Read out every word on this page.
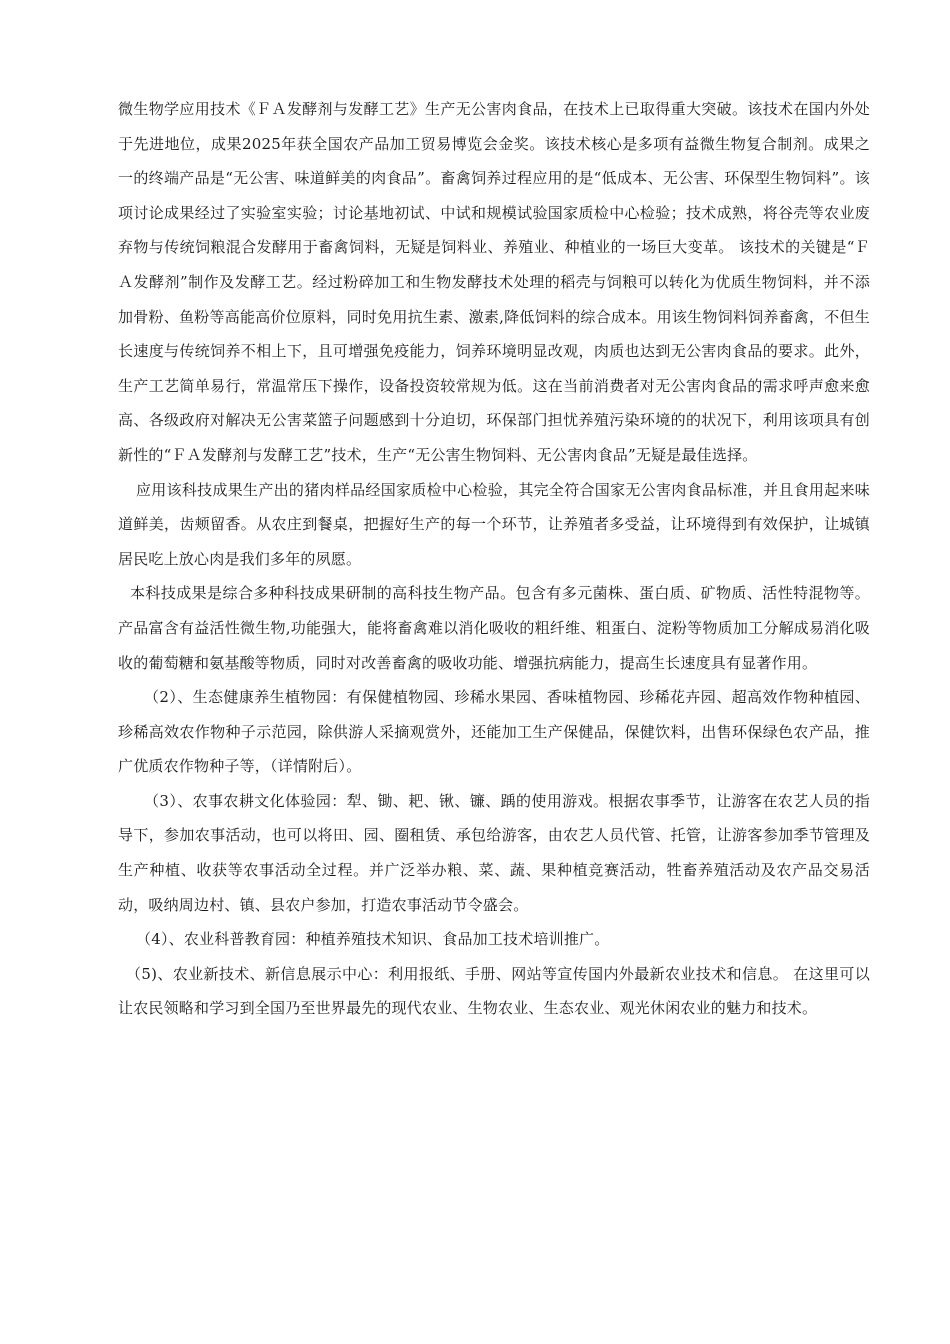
微生物学应用技术《ＦＡ发酵剂与发酵工艺》生产无公害肉食品，在技术上已取得重大突破。该技术在国内外处于先进地位，成果2025年获全国农产品加工贸易博览会金奖。该技术核心是多项有益微生物复合制剂。成果之一的终端产品是“无公害、味道鲜美的肉食品”。畜禽饲养过程应用的是“低成本、无公害、环保型生物饲料”。该项讨论成果经过了实验室实验；讨论基地初试、中试和规模试验国家质检中心检验；技术成熟，将谷壳等农业废弃物与传统饲粮混合发酵用于畜禽饲料，无疑是饲料业、养殖业、种植业的一场巨大变革。 该技术的关键是“ＦＡ发酵剂”制作及发酵工艺。经过粉碎加工和生物发酵技术处理的稻壳与饲粮可以转化为优质生物饲料，并不添加骨粉、鱼粉等高能高价位原料，同时免用抗生素、激素,降低饲料的综合成本。用该生物饲料饲养畜禽，不但生长速度与传统饲养不相上下，且可增强免疫能力，饲养环境明显改观，肉质也达到无公害肉食品的要求。此外，生产工艺简单易行，常温常压下操作，设备投资较常规为低。这在当前消费者对无公害肉食品的需求呼声愈来愈高、各级政府对解决无公害菜篮子问题感到十分迫切，环保部门担忧养殖污染环境的的状况下，利用该项具有创新性的“ＦＡ发酵剂与发酵工艺”技术，生产“无公害生物饲料、无公害肉食品”无疑是最佳选择。

应用该科技成果生产出的猪肉样品经国家质检中心检验，其完全符合国家无公害肉食品标准，并且食用起来味道鲜美，齿颊留香。从农庄到餐桌，把握好生产的每一个环节，让养殖者多受益，让环境得到有效保护，让城镇居民吃上放心肉是我们多年的夙愿。

本科技成果是综合多种科技成果研制的高科技生物产品。包含有多元菌株、蛋白质、矿物质、活性特混物等。产品富含有益活性微生物,功能强大，能将畜禽难以消化吸收的粗纤维、粗蛋白、淀粉等物质加工分解成易消化吸收的葡萄糖和氨基酸等物质，同时对改善畜禽的吸收功能、增强抗病能力，提高生长速度具有显著作用。

（2）、生态健康养生植物园：有保健植物园、珍稀水果园、香味植物园、珍稀花卉园、超高效作物种植园、珍稀高效农作物种子示范园，除供游人采摘观赏外，还能加工生产保健品，保健饮料，出售环保绿色农产品，推广优质农作物种子等，（详情附后）。

（3）、农事农耕文化体验园：犁、锄、耙、锹、镰、踽的使用游戏。根据农事季节，让游客在农艺人员的指导下，参加农事活动，也可以将田、园、圈租赁、承包给游客，由农艺人员代管、托管，让游客参加季节管理及生产种植、收获等农事活动全过程。并广泛举办粮、菜、蔬、果种植竞赛活动，牲畜养殖活动及农产品交易活动，吸纳周边村、镇、县农户参加，打造农事活动节令盛会。

（4）、农业科普教育园：种植养殖技术知识、食品加工技术培训推广。

（5)、农业新技术、新信息展示中心：利用报纸、手册、网站等宣传国内外最新农业技术和信息。 在这里可以让农民领略和学习到全国乃至世界最先的现代农业、生物农业、生态农业、观光休闲农业的魅力和技术。
